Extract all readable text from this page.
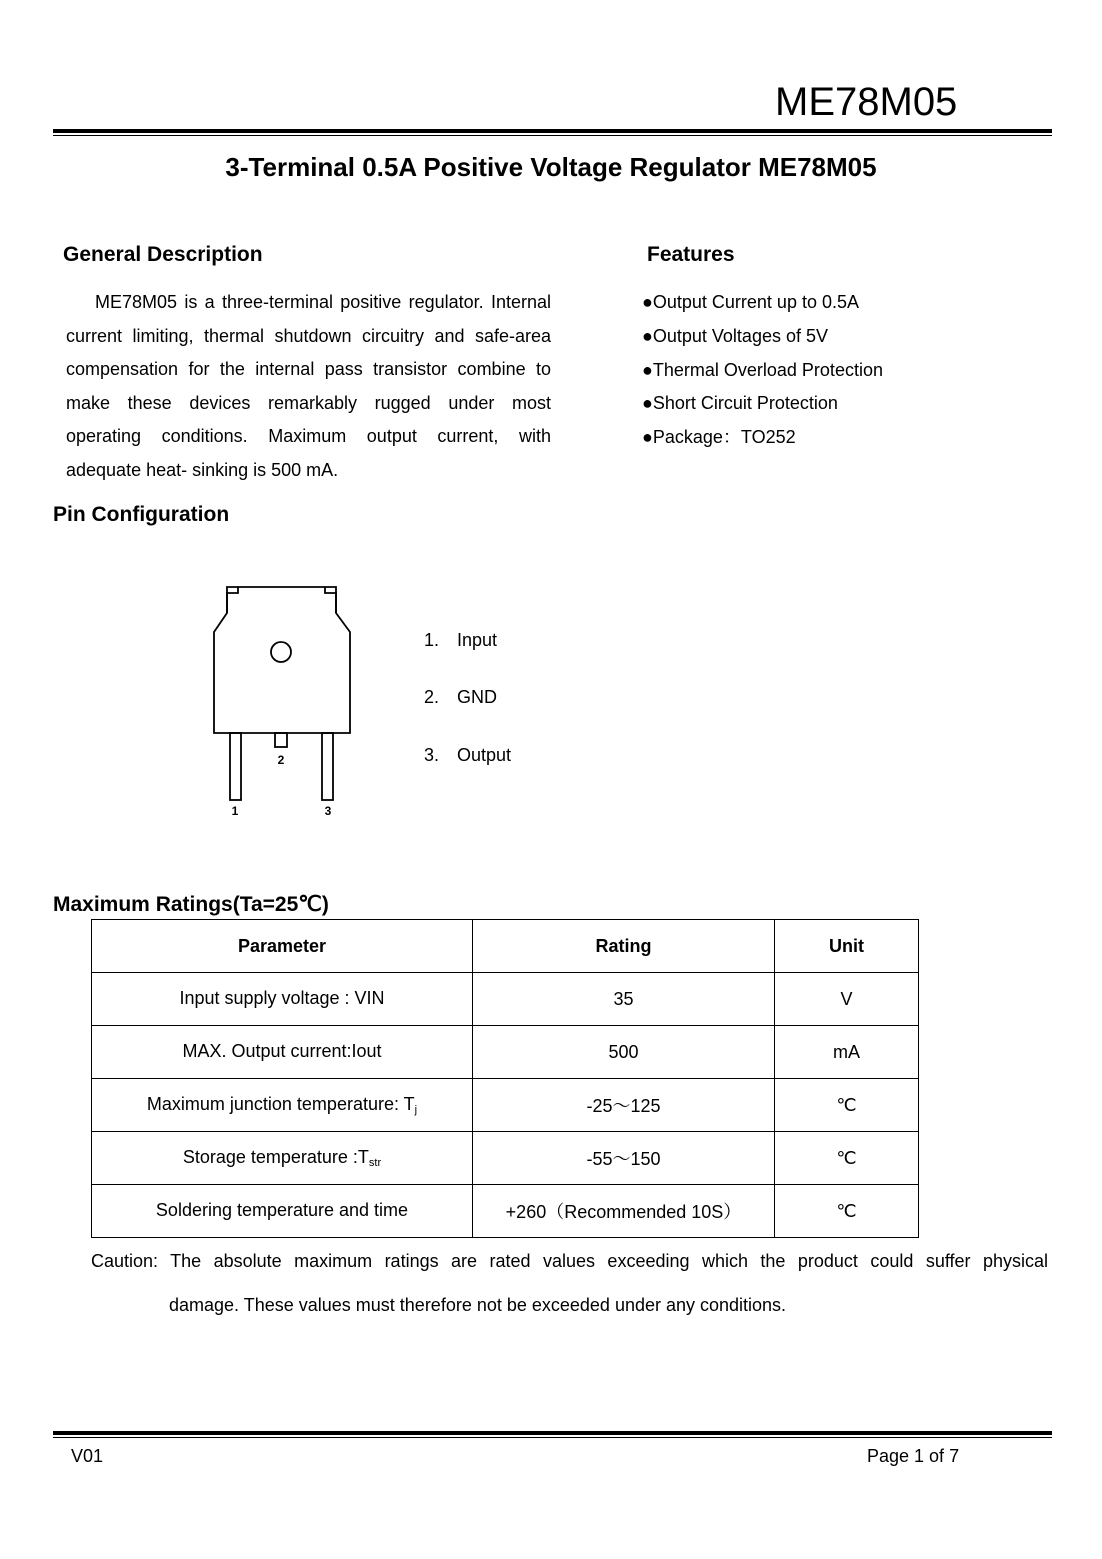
ME78M05
3-Terminal 0.5A Positive Voltage Regulator ME78M05
General Description	Features

ME78M05 is a three-terminal positive regulator. Internal current limiting, thermal shutdown circuitry and safe-area compensation for the internal pass transistor combine to make these devices remarkably rugged under most operating conditions. Maximum output current, with adequate heat- sinking is 500 mA.

●Output Current up to 0.5A
●Output Voltages of 5V
●Thermal Overload Protection
●Short Circuit Protection
●Package：TO252
Pin Configuration
2
1	3
1. Input
2. GND
3. Output
Maximum Ratings(Ta=25℃)
Parameter	Rating	Unit
Input supply voltage : VIN	35	V
MAX. Output current:Iout	500	mA
Maximum junction temperature: $T_j$	-25～125	℃
Storage temperature $:T_{str}$	-55～150	℃
Soldering temperature and time	+260（Recommended 10S）	℃
Caution: The absolute maximum ratings are rated values exceeding which the product could suffer physical
damage. These values must therefore not be exceeded under any conditions.
V01	Page 1 of 7
